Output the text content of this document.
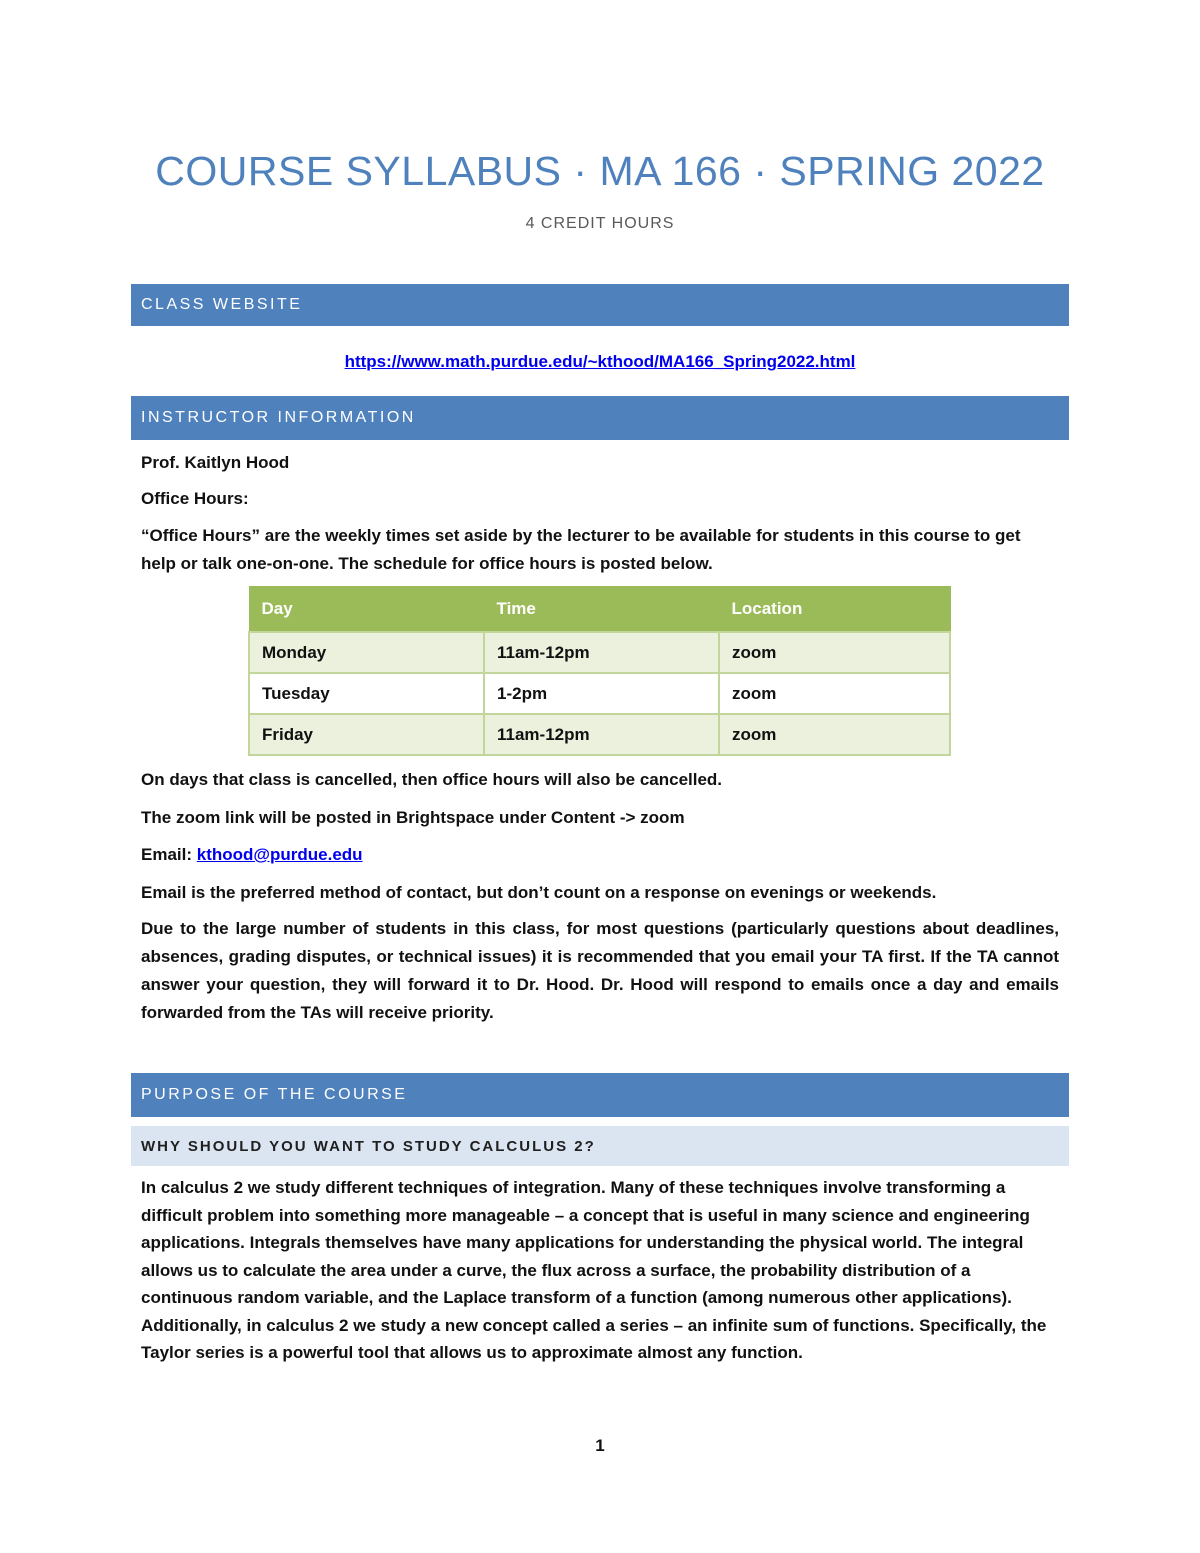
COURSE SYLLABUS · MA 166 · SPRING 2022
4 CREDIT HOURS
CLASS WEBSITE
https://www.math.purdue.edu/~kthood/MA166_Spring2022.html
INSTRUCTOR INFORMATION

Prof. Kaitlyn Hood

Office Hours:

“Office Hours” are the weekly times set aside by the lecturer to be available for students in this course to get help or talk one-on-one. The schedule for office hours is posted below.

Day	Time	Location
Monday	11am-12pm	zoom
Tuesday	1-2pm	zoom
Friday	11am-12pm	zoom

On days that class is cancelled, then office hours will also be cancelled.

The zoom link will be posted in Brightspace under Content -> zoom

Email: kthood@purdue.edu

Email is the preferred method of contact, but don’t count on a response on evenings or weekends.

Due to the large number of students in this class, for most questions (particularly questions about deadlines, absences, grading disputes, or technical issues) it is recommended that you email your TA first. If the TA cannot answer your question, they will forward it to Dr. Hood. Dr. Hood will respond to emails once a day and emails forwarded from the TAs will receive priority.

PURPOSE OF THE COURSE
WHY SHOULD YOU WANT TO STUDY CALCULUS 2?

In calculus 2 we study different techniques of integration. Many of these techniques involve transforming a difficult problem into something more manageable – a concept that is useful in many science and engineering applications. Integrals themselves have many applications for understanding the physical world. The integral allows us to calculate the area under a curve, the flux across a surface, the probability distribution of a continuous random variable, and the Laplace transform of a function (among numerous other applications). Additionally, in calculus 2 we study a new concept called a series – an infinite sum of functions. Specifically, the Taylor series is a powerful tool that allows us to approximate almost any function.

1
